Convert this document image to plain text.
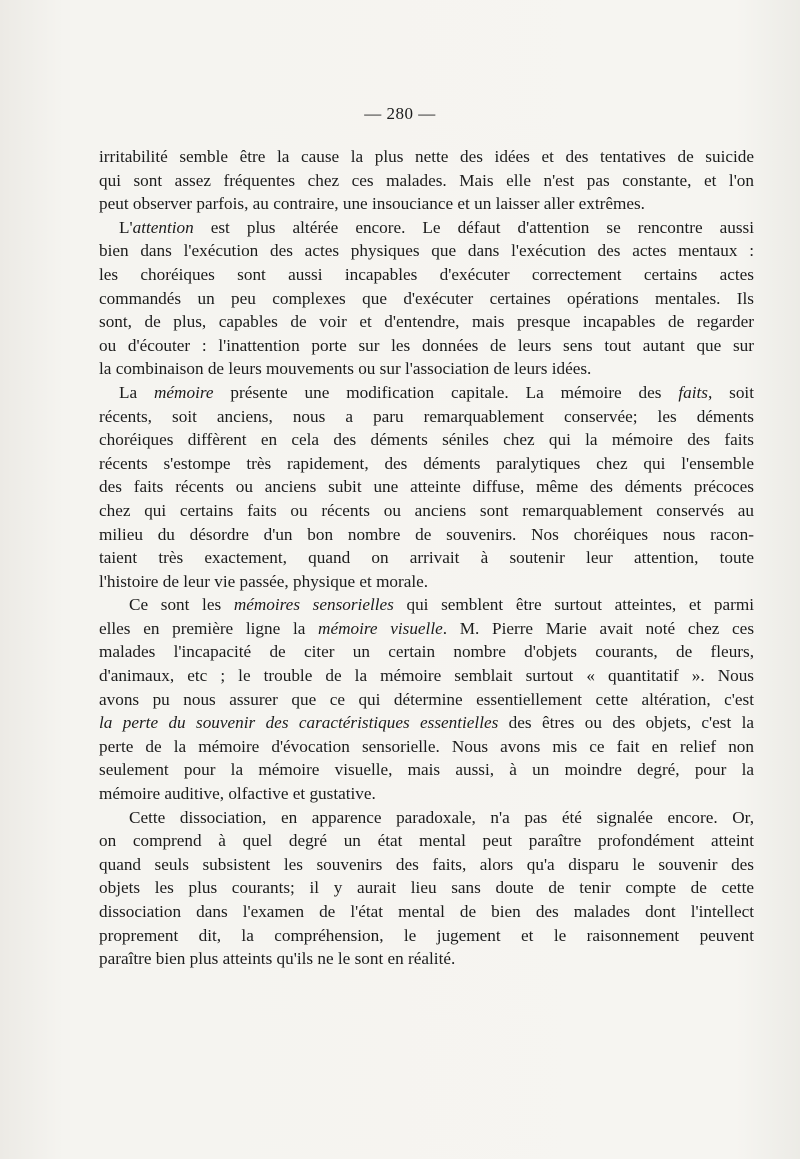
— 280 —
irritabilité semble être la cause la plus nette des idées et des tentatives de suicide
qui sont assez fréquentes chez ces malades. Mais elle n'est pas constante, et l'on
peut observer parfois, au contraire, une insouciance et un laisser aller extrêmes.
L'attention est plus altérée encore. Le défaut d'attention se rencontre aussi
bien dans l'exécution des actes physiques que dans l'exécution des actes mentaux :
les choréiques sont aussi incapables d'exécuter correctement certains actes
commandés un peu complexes que d'exécuter certaines opérations mentales. Ils
sont, de plus, capables de voir et d'entendre, mais presque incapables de regarder
ou d'écouter : l'inattention porte sur les données de leurs sens tout autant que sur
la combinaison de leurs mouvements ou sur l'association de leurs idées.
La mémoire présente une modification capitale. La mémoire des faits, soit
récents, soit anciens, nous a paru remarquablement conservée; les déments
choréiques diffèrent en cela des déments séniles chez qui la mémoire des faits
récents s'estompe très rapidement, des déments paralytiques chez qui l'ensemble
des faits récents ou anciens subit une atteinte diffuse, même des déments précoces
chez qui certains faits ou récents ou anciens sont remarquablement conservés au
milieu du désordre d'un bon nombre de souvenirs. Nos choréiques nous racon-
taient très exactement, quand on arrivait à soutenir leur attention, toute
l'histoire de leur vie passée, physique et morale.
Ce sont les mémoires sensorielles qui semblent être surtout atteintes, et parmi
elles en première ligne la mémoire visuelle. M. Pierre Marie avait noté chez ces
malades l'incapacité de citer un certain nombre d'objets courants, de fleurs,
d'animaux, etc ; le trouble de la mémoire semblait surtout « quantitatif ». Nous
avons pu nous assurer que ce qui détermine essentiellement cette altération, c'est
la perte du souvenir des caractéristiques essentielles des êtres ou des objets, c'est la
perte de la mémoire d'évocation sensorielle. Nous avons mis ce fait en relief non
seulement pour la mémoire visuelle, mais aussi, à un moindre degré, pour la
mémoire auditive, olfactive et gustative.
Cette dissociation, en apparence paradoxale, n'a pas été signalée encore. Or,
on comprend à quel degré un état mental peut paraître profondément atteint
quand seuls subsistent les souvenirs des faits, alors qu'a disparu le souvenir des
objets les plus courants; il y aurait lieu sans doute de tenir compte de cette
dissociation dans l'examen de l'état mental de bien des malades dont l'intellect
proprement dit, la compréhension, le jugement et le raisonnement peuvent
paraître bien plus atteints qu'ils ne le sont en réalité.
